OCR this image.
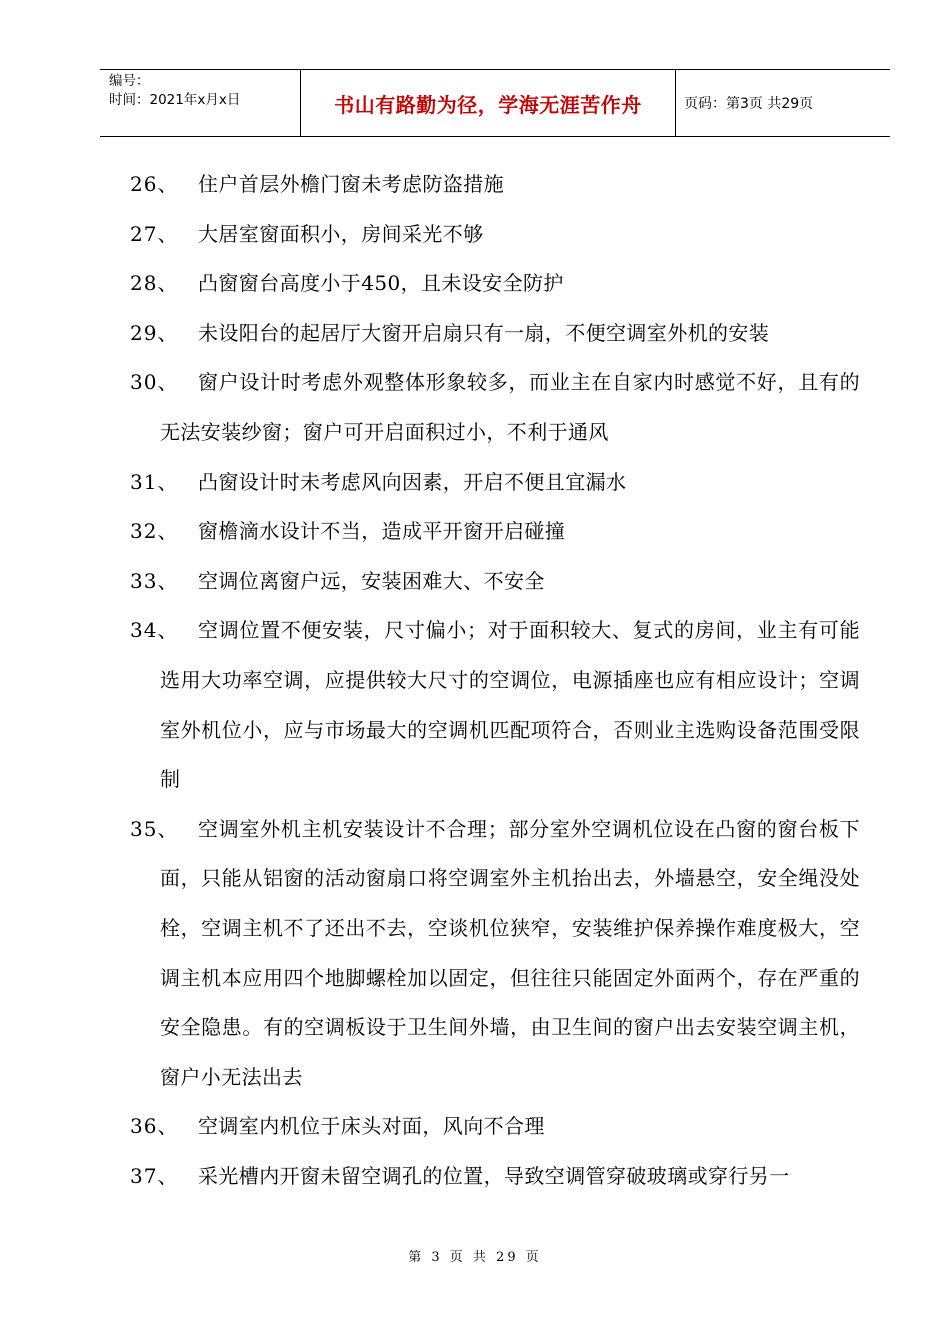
编号：
时间：2021年x月x日	书山有路勤为径，学海无涯苦作舟	页码：第3页 共29页
26、 住户首层外檐门窗未考虑防盗措施
27、 大居室窗面积小，房间采光不够
28、 凸窗窗台高度小于450，且未设安全防护
29、 未设阳台的起居厅大窗开启扇只有一扇，不便空调室外机的安装
30、 窗户设计时考虑外观整体形象较多，而业主在自家内时感觉不好，且有的无法安装纱窗；窗户可开启面积过小，不利于通风
31、 凸窗设计时未考虑风向因素，开启不便且宜漏水
32、 窗檐滴水设计不当，造成平开窗开启碰撞
33、 空调位离窗户远，安装困难大、不安全
34、 空调位置不便安装，尺寸偏小；对于面积较大、复式的房间，业主有可能选用大功率空调，应提供较大尺寸的空调位，电源插座也应有相应设计；空调室外机位小，应与市场最大的空调机匹配项符合，否则业主选购设备范围受限制
35、 空调室外机主机安装设计不合理；部分室外空调机位设在凸窗的窗台板下面，只能从铝窗的活动窗扇口将空调室外主机抬出去，外墙悬空，安全绳没处栓，空调主机不了还出不去，空谈机位狭窄，安装维护保养操作难度极大，空调主机本应用四个地脚螺栓加以固定，但往往只能固定外面两个，存在严重的安全隐患。有的空调板设于卫生间外墙，由卫生间的窗户出去安装空调主机，窗户小无法出去
36、 空调室内机位于床头对面，风向不合理
37、 采光槽内开窗未留空调孔的位置，导致空调管穿破玻璃或穿行另一
第 3 页 共 29 页
